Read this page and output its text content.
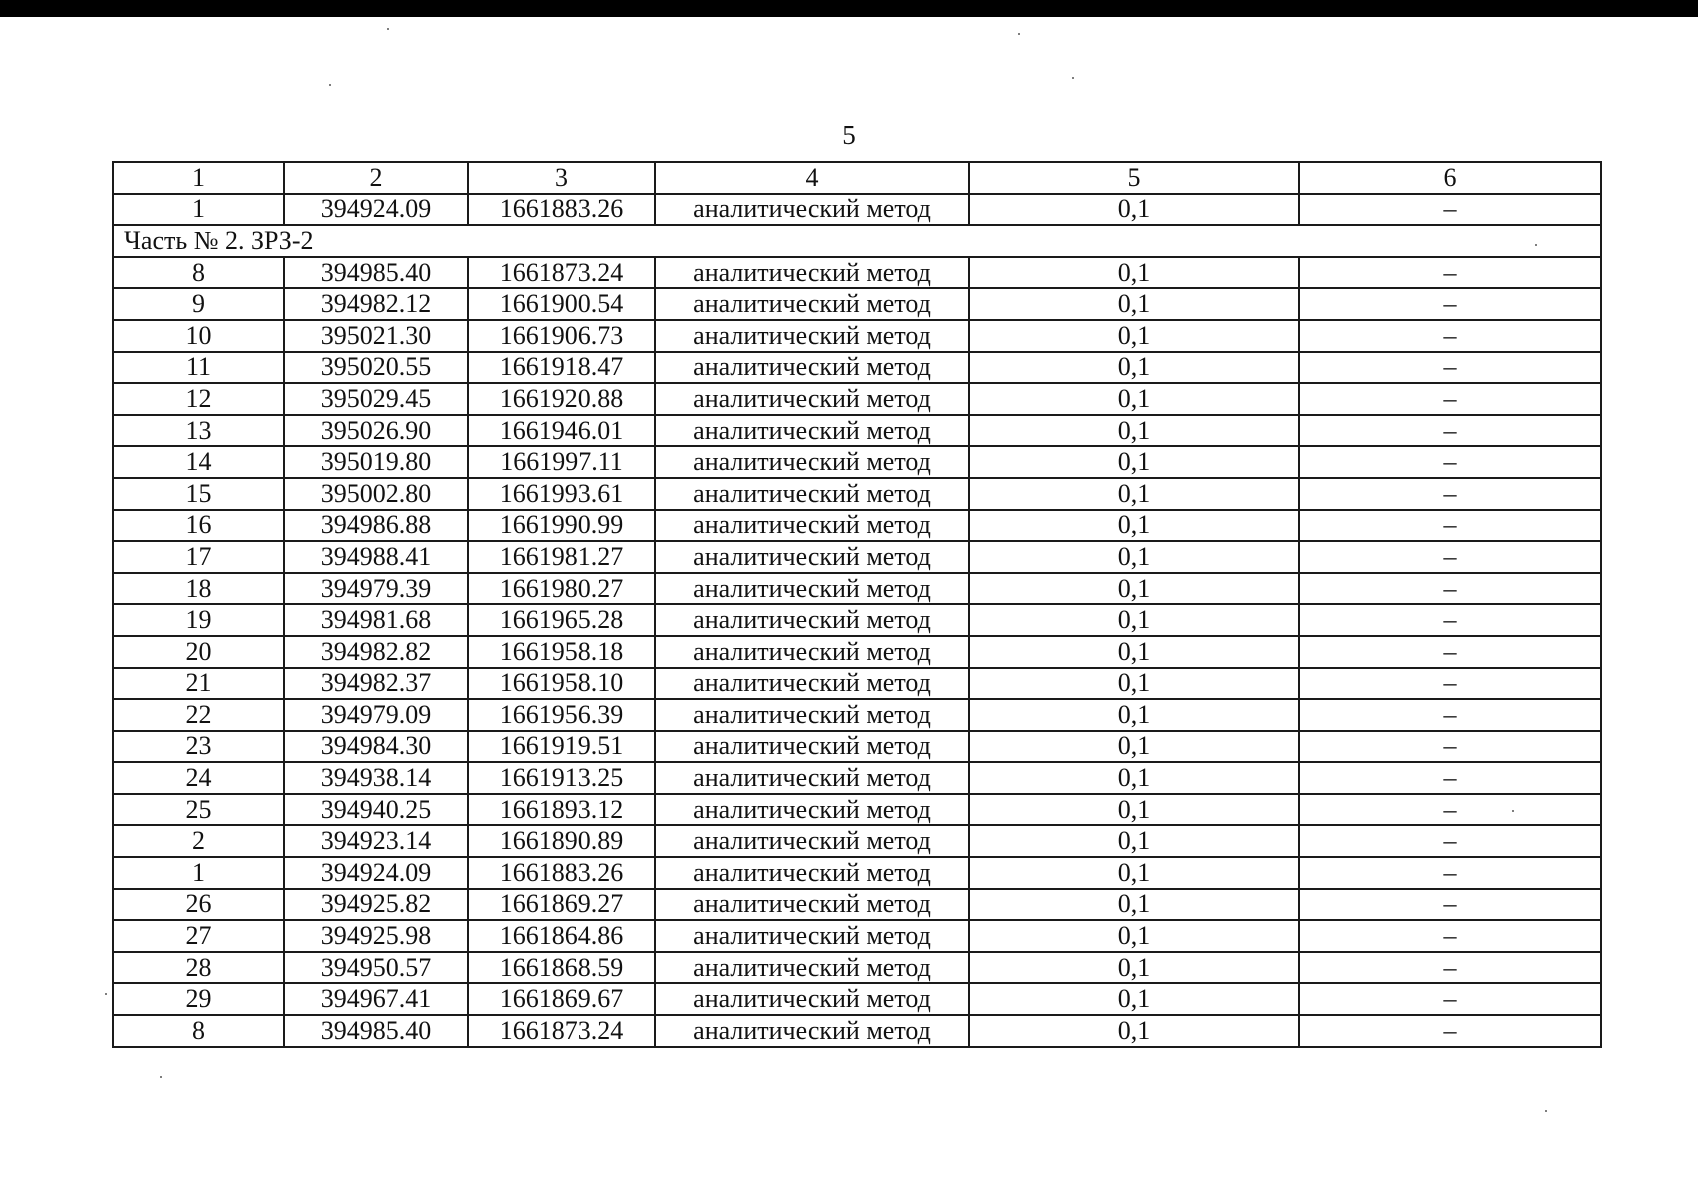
5
1	2	3	4	5	6
1	394924.09	1661883.26	аналитический метод	0,1	–
Часть № 2. ЗРЗ-2					
8	394985.40	1661873.24	аналитический метод	0,1	–
9	394982.12	1661900.54	аналитический метод	0,1	–
10	395021.30	1661906.73	аналитический метод	0,1	–
11	395020.55	1661918.47	аналитический метод	0,1	–
12	395029.45	1661920.88	аналитический метод	0,1	–
13	395026.90	1661946.01	аналитический метод	0,1	–
14	395019.80	1661997.11	аналитический метод	0,1	–
15	395002.80	1661993.61	аналитический метод	0,1	–
16	394986.88	1661990.99	аналитический метод	0,1	–
17	394988.41	1661981.27	аналитический метод	0,1	–
18	394979.39	1661980.27	аналитический метод	0,1	–
19	394981.68	1661965.28	аналитический метод	0,1	–
20	394982.82	1661958.18	аналитический метод	0,1	–
21	394982.37	1661958.10	аналитический метод	0,1	–
22	394979.09	1661956.39	аналитический метод	0,1	–
23	394984.30	1661919.51	аналитический метод	0,1	–
24	394938.14	1661913.25	аналитический метод	0,1	–
25	394940.25	1661893.12	аналитический метод	0,1	–
2	394923.14	1661890.89	аналитический метод	0,1	–
1	394924.09	1661883.26	аналитический метод	0,1	–
26	394925.82	1661869.27	аналитический метод	0,1	–
27	394925.98	1661864.86	аналитический метод	0,1	–
28	394950.57	1661868.59	аналитический метод	0,1	–
29	394967.41	1661869.67	аналитический метод	0,1	–
8	394985.40	1661873.24	аналитический метод	0,1	–
